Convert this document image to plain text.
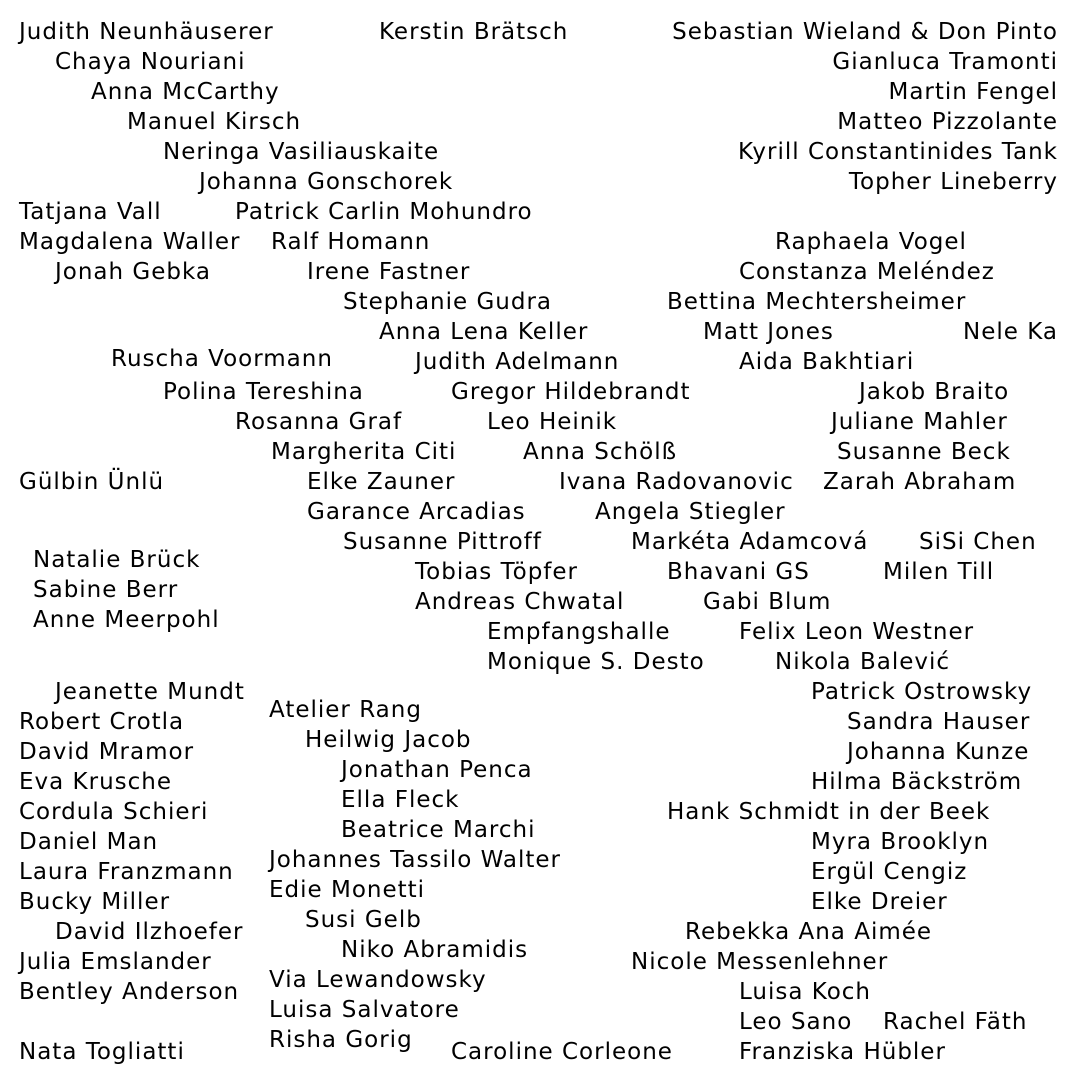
Judith Neunhäuserer	Kerstin Brätsch	Sebastian Wieland & Don Pinto
Chaya Nouriani	Gianluca Tramonti
Anna McCarthy	Martin Fengel
Manuel Kirsch	Matteo Pizzolante
Neringa Vasiliauskaite	Kyrill Constantinides Tank
Johanna Gonschorek	Topher Lineberry
Tatjana Vall	Patrick Carlin Mohundro
Magdalena Waller Ralf Homann	Raphaela Vogel
Jonah Gebka	Irene Fastner	Constanza Meléndez
Stephanie Gudra	Bettina Mechtersheimer
Anna Lena Keller	Matt Jones	Nele Ka
Ruscha Voormann	Judith Adelmann	Aida Bakhtiari
Polina Tereshina	Gregor Hildebrandt	Jakob Braito
Rosanna Graf	Leo Heinik	Juliane Mahler
Margherita Citi	Anna Schölß	Susanne Beck
Gülbin Ünlü	Elke Zauner	Ivana Radovanovic Zarah Abraham
Garance Arcadias	Angela Stiegler
Natalie Brück
Susanne Pittroff	Markéta Adamcová SiSi Chen
Tobias Töpfer	Bhavani GS	Milen Till
Sabine Berr	Andreas Chwatal	Gabi Blum
Anne Meerpohl	Empfangshalle	Felix Leon Westner
Monique S. Desto	Nikola Balević
Jeanette Mundt	Patrick Ostrowsky
Atelier Rang
Robert Crotla	Sandra Hauser
Heilwig Jacob
David Mramor	Johanna Kunze
Jonathan Penca
Eva Krusche	Hilma Bäckström
Ella Fleck
Cordula Schieri	Hank Schmidt in der Beek
Beatrice Marchi
Daniel Man	Myra Brooklyn
Johannes Tassilo Walter
Laura Franzmann	Ergül Cengiz
Edie Monetti
Bucky Miller	Elke Dreier
Susi Gelb
David Ilzhoefer	Rebekka Ana Aimée
Niko Abramidis
Julia Emslander	Nicole Messenlehner
Via Lewandowsky
Bentley Anderson	Luisa Koch
Luisa Salvatore	Leo Sano Rachel Fäth
Risha Gorig
Nata Togliatti	Caroline Corleone	Franziska Hübler
